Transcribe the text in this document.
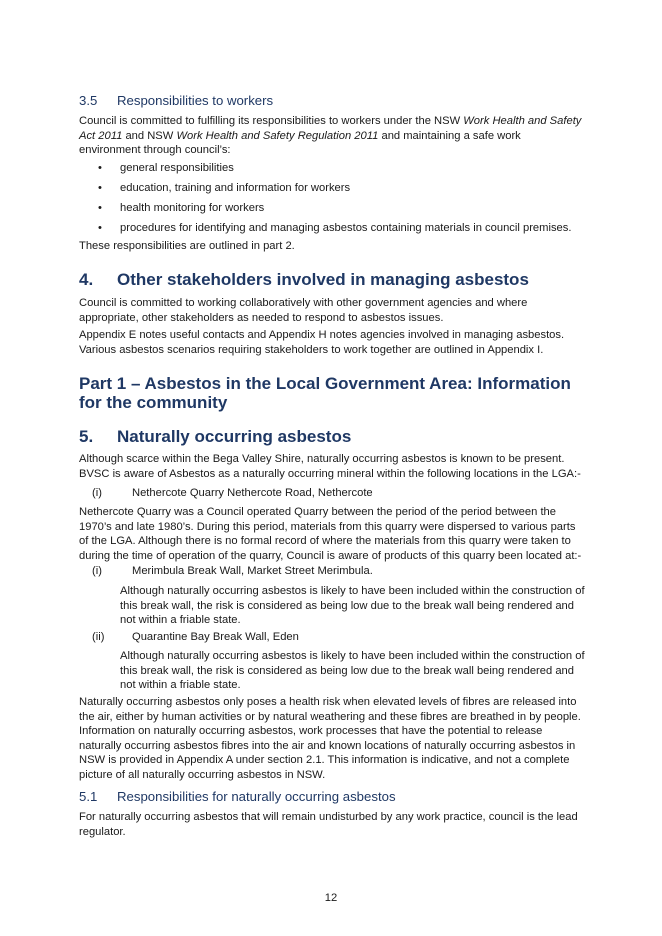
3.5 Responsibilities to workers

Council is committed to fulfilling its responsibilities to workers under the NSW Work Health and Safety Act 2011 and NSW Work Health and Safety Regulation 2011 and maintaining a safe work environment through council’s:

• general responsibilities
• education, training and information for workers
• health monitoring for workers
• procedures for identifying and managing asbestos containing materials in council premises.

These responsibilities are outlined in part 2.

4. Other stakeholders involved in managing asbestos

Council is committed to working collaboratively with other government agencies and where appropriate, other stakeholders as needed to respond to asbestos issues.

Appendix E notes useful contacts and Appendix H notes agencies involved in managing asbestos. Various asbestos scenarios requiring stakeholders to work together are outlined in Appendix I.

Part 1 – Asbestos in the Local Government Area: Information for the community
5. Naturally occurring asbestos

Although scarce within the Bega Valley Shire, naturally occurring asbestos is known to be present. BVSC is aware of Asbestos as a naturally occurring mineral within the following locations in the LGA:-

(i)	Nethercote Quarry Nethercote Road, Nethercote

Nethercote Quarry was a Council operated Quarry between the period of the period between the 1970’s and late 1980’s. During this period, materials from this quarry were dispersed to various parts of the LGA. Although there is no formal record of where the materials from this quarry were taken to during the time of operation of the quarry, Council is aware of products of this quarry been located at:-

(i)	Merimbula Break Wall, Market Street Merimbula.

Although naturally occurring asbestos is likely to have been included within the construction of this break wall, the risk is considered as being low due to the break wall being rendered and not within a friable state.

(ii) Quarantine Bay Break Wall, Eden

Although naturally occurring asbestos is likely to have been included within the construction of this break wall, the risk is considered as being low due to the break wall being rendered and not within a friable state.

Naturally occurring asbestos only poses a health risk when elevated levels of fibres are released into the air, either by human activities or by natural weathering and these fibres are breathed in by people. Information on naturally occurring asbestos, work processes that have the potential to release naturally occurring asbestos fibres into the air and known locations of naturally occurring asbestos in NSW is provided in Appendix A under section 2.1. This information is indicative, and not a complete picture of all naturally occurring asbestos in NSW.

5.1 Responsibilities for naturally occurring asbestos

For naturally occurring asbestos that will remain undisturbed by any work practice, council is the lead regulator.

12
